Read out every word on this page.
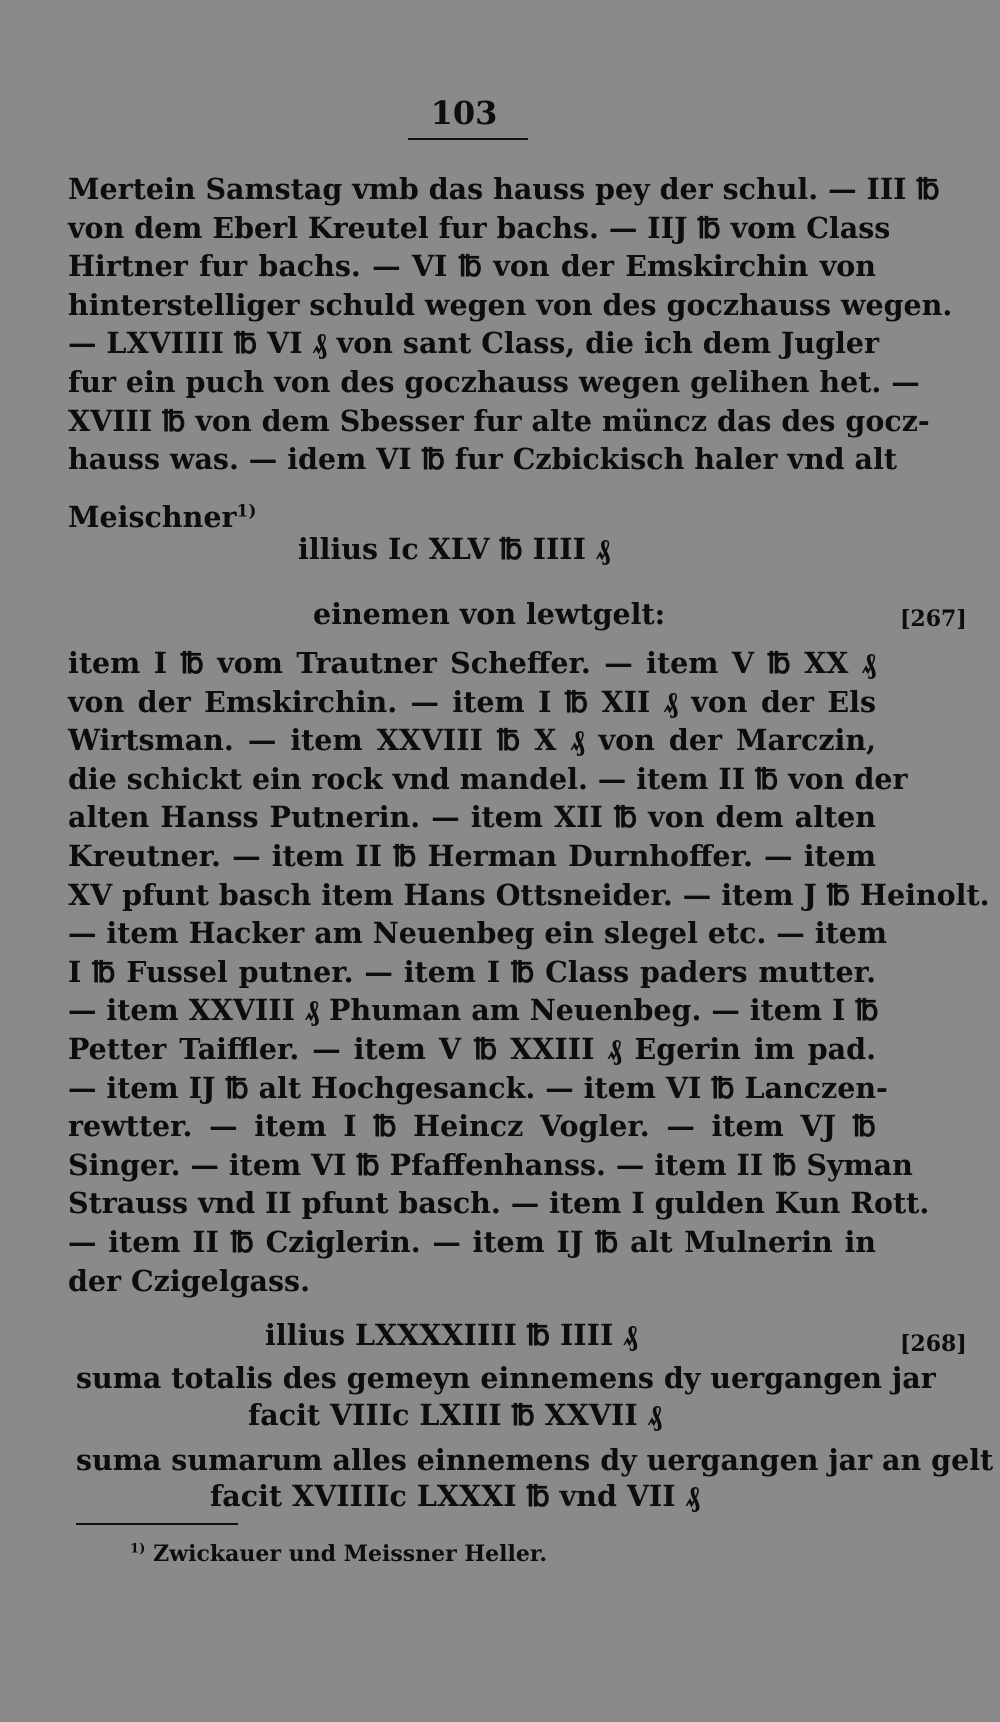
103
Mertein Samstag vmb das hauss pey der schul. — III ℔
von dem Eberl Kreutel fur bachs. — IIJ ℔ vom Class
Hirtner fur bachs. — VI ℔ von der Emskirchin von
hinterstelliger schuld wegen von des goczhauss wegen.
— LXVIIII ℔ VI ₰ von sant Class, die ich dem Jugler
fur ein puch von des goczhauss wegen gelihen het. —
XVIII ℔ von dem Sbesser fur alte müncz das des gocz-
hauss was. — idem VI ℔ fur Czbickisch haler vnd alt
Meischner$^{1)}$
illius Ic XLV ℔ IIII ₰
einemen von lewtgelt:	[267]
item I ℔ vom Trautner Scheffer. — item V ℔ XX ₰
von der Emskirchin. — item I ℔ XII ₰ von der Els
Wirtsman. — item XXVIII ℔ X ₰ von der Marczin,
die schickt ein rock vnd mandel. — item II ℔ von der
alten Hanss Putnerin. — item XII ℔ von dem alten
Kreutner. — item II ℔ Herman Durnhoffer. — item
XV pfunt basch item Hans Ottsneider. — item J ℔ Heinolt.
— item Hacker am Neuenbeg ein slegel etc. — item
I ℔ Fussel putner. — item I ℔ Class paders mutter.
— item XXVIII ₰ Phuman am Neuenbeg. — item I ℔
Petter Taiffler. — item V ℔ XXIII ₰ Egerin im pad.
— item IJ ℔ alt Hochgesanck. — item VI ℔ Lanczen-
rewtter. — item I ℔ Heincz Vogler. — item VJ ℔
Singer. — item VI ℔ Pfaffenhanss. — item II ℔ Syman
Strauss vnd II pfunt basch. — item I gulden Kun Rott.
— item II ℔ Cziglerin. — item IJ ℔ alt Mulnerin in
der Czigelgass.
illius LXXXXIIII ℔ IIII ₰	[268]
suma totalis des gemeyn einnemens dy uergangen jar
facit VIIIc LXIII ℔ XXVII ₰
suma sumarum alles einnemens dy uergangen jar an gelt
facit XVIIIIc LXXXI ℔ vnd VII ₰
$^{1)}$ Zwickauer und Meissner Heller.
